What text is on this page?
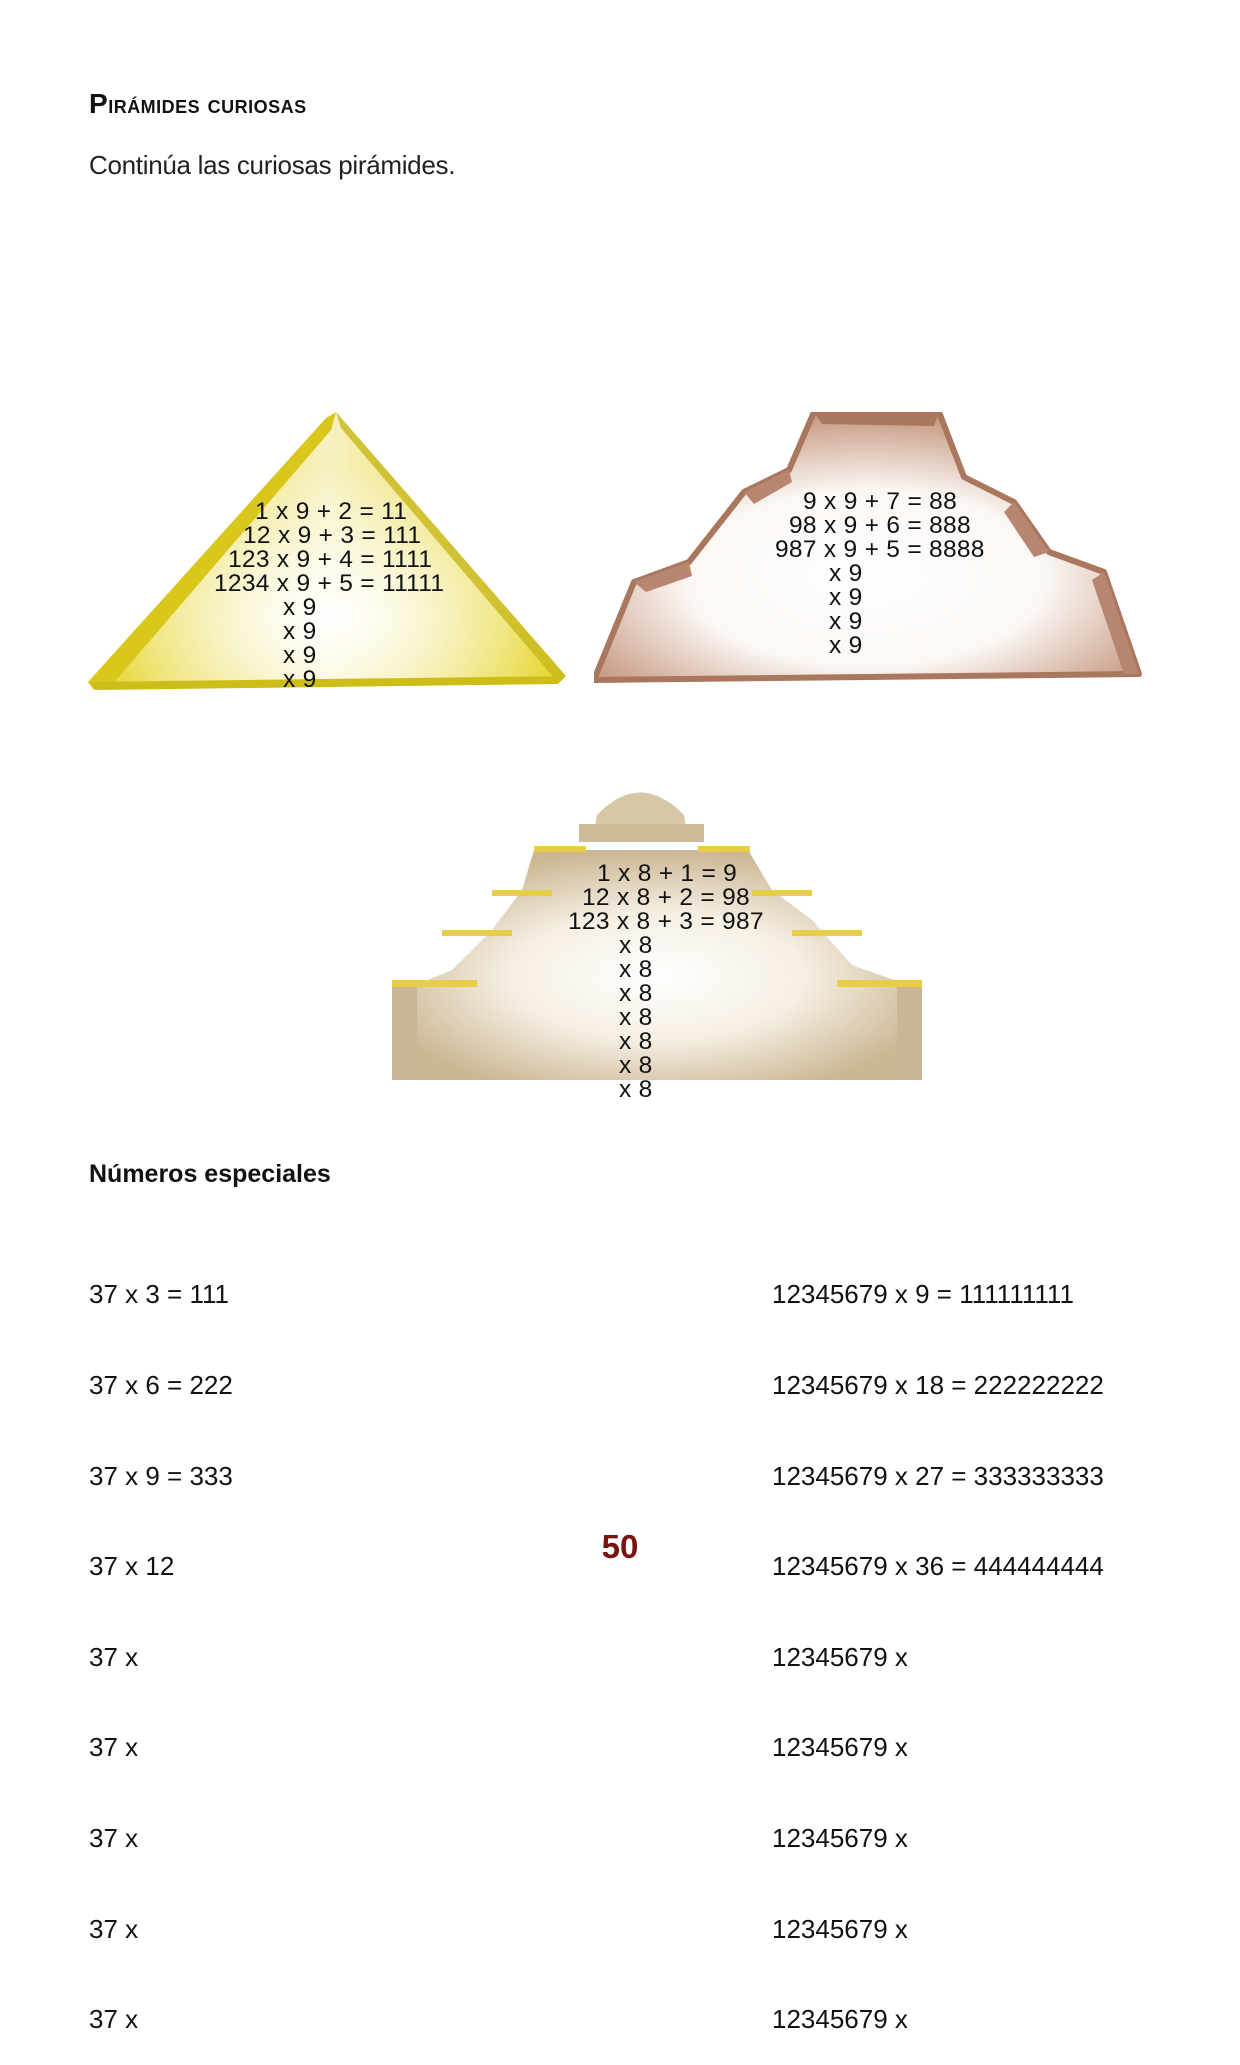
Pirámides curiosas
Continúa las curiosas pirámides.

1 x 9 + 2 = 11

12 x 9 + 3 = 111

123 x 9 + 4 = 1111

1234 x 9 + 5 = 11111

x 9

x 9

x 9

x 9

9 x 9 + 7 = 88

98 x 9 + 6 = 888

987 x 9 + 5 = 8888

x 9

x 9

x 9

x 9

1 x 8 + 1 = 9

12 x 8 + 2 = 98

123 x 8 + 3 = 987

x 8

x 8

x 8

x 8

x 8

x 8

x 8

Números especiales

37 x 3 = 111

37 x 6 = 222

37 x 9 = 333

37 x 12

37 x

37 x

37 x

37 x

37 x

12345679 x 9 = 111111111

12345679 x 18 = 222222222

12345679 x 27 = 333333333

12345679 x 36 = 444444444

12345679 x

12345679 x

12345679 x

12345679 x

12345679 x

50
